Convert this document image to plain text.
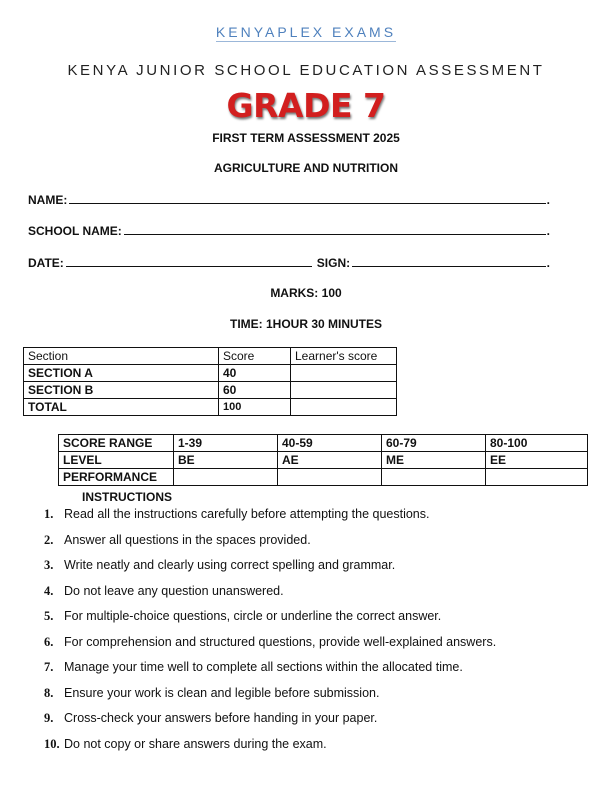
KENYAPLEX EXAMS
KENYA JUNIOR SCHOOL EDUCATION ASSESSMENT
GRADE 7
FIRST TERM ASSESSMENT 2025
AGRICULTURE AND NUTRITION
NAME:	.
SCHOOL NAME:	.
DATE:	SIGN:	.
MARKS: 100
TIME: 1HOUR 30 MINUTES
Section	Score	Learner's score
SECTION A	40	
SECTION B	60	
TOTAL	100	
SCORE RANGE	1-39	40-59	60-79	80-100
LEVEL	BE	AE	ME	EE
PERFORMANCE				
INSTRUCTIONS
1. Read all the instructions carefully before attempting the questions.
2. Answer all questions in the spaces provided.
3. Write neatly and clearly using correct spelling and grammar.
4. Do not leave any question unanswered.
5. For multiple-choice questions, circle or underline the correct answer.
6. For comprehension and structured questions, provide well-explained answers.
7. Manage your time well to complete all sections within the allocated time.
8. Ensure your work is clean and legible before submission.
9. Cross-check your answers before handing in your paper.
10. Do not copy or share answers during the exam.
